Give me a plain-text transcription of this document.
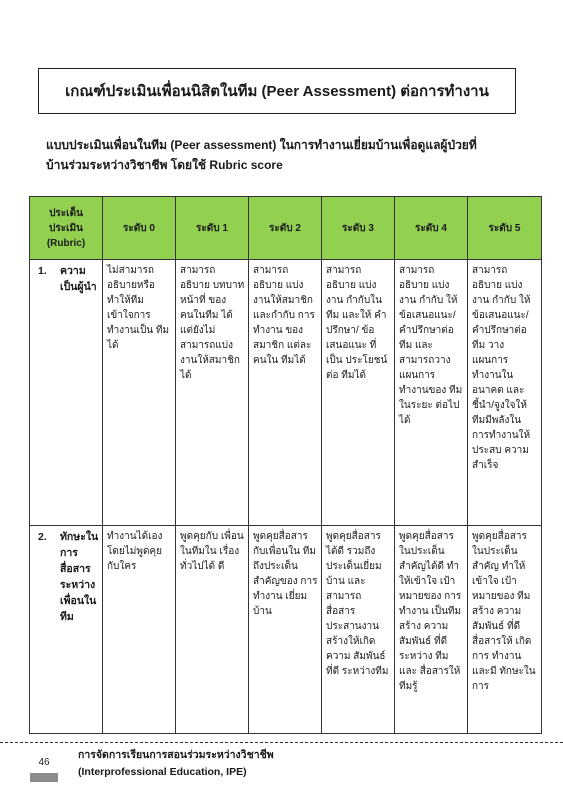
เกณฑ์ประเมินเพื่อนนิสิตในทีม (Peer Assessment) ต่อการทำงาน
แบบประเมินเพื่อนในทีม (Peer assessment) ในการทำงานเยี่ยมบ้านเพื่อดูแลผู้ป่วยที่
บ้านร่วมระหว่างวิชาชีพ โดยใช้ Rubric score
ประเด็น ประเมิน (Rubric)	ระดับ 0	ระดับ 1	ระดับ 2	ระดับ 3	ระดับ 4	ระดับ 5

1. ความ เป็นผู้นำ	ไม่สามารถ อธิบายหรือ ทำให้ทีม เข้าใจการ ทำงานเป็น ทีมได้	สามารถ อธิบาย บทบาทหน้าที่ ของคนในทีม ได้ แต่ยังไม่ สามารถแบ่ง งานให้สมาชิก ได้	สามารถ อธิบาย แบ่ง งานให้สมาชิก และกำกับ การทำงาน ของสมาชิก แต่ละคนใน ทีมได้	สามารถ อธิบาย แบ่ง งาน กำกับใน ทีม และให้ คำปรึกษา/ ข้อเสนอแนะ ที่เป็น ประโยชน์ต่อ ทีมได้	สามารถ อธิบาย แบ่ง งาน กำกับ ให้ ข้อเสนอแนะ/ คำปรึกษาต่อ ทีม และ สามารถวาง แผนการ ทำงานของ ทีมในระยะ ต่อไปได้	สามารถ อธิบาย แบ่ง งาน กำกับ ให้ ข้อเสนอแนะ/ คำปรึกษาต่อ ทีม วาง แผนการ ทำงานใน อนาคต และ ชี้นำ/จูงใจให้ ทีมมีพลังใน การทำงานให้ ประสบ ความสำเร็จ

2. ทักษะใน การ สื่อสาร ระหว่าง เพื่อนใน ทีม	ทำงานได้เอง โดยไม่พูดคุย กับใคร	พูดคุยกับ เพื่อนในทีมใน เรื่องทั่วไปได้ ดี	พูดคุยสื่อสาร กับเพื่อนใน ทีมถึงประเด็น สำคัญของ การทำงาน เยี่ยมบ้าน	พูดคุยสื่อสาร ได้ดี รวมถึง ประเด็นเยี่ยม บ้าน และ สามารถ สื่อสาร ประสานงาน สร้างให้เกิด ความ สัมพันธ์ที่ดี ระหว่างทีม	พูดคุยสื่อสาร ในประเด็น สำคัญได้ดี ทำ ให้เข้าใจ เป้าหมายของ การทำงาน เป็นทีม สร้าง ความสัมพันธ์ ที่ดีระหว่าง ทีม และ สื่อสารให้ทีมรู้	พูดคุยสื่อสาร ในประเด็น สำคัญ ทำให้ เข้าใจ เป้าหมายของ ทีม สร้าง ความสัมพันธ์ ที่ดี สื่อสารให้ เกิดการ ทำงาน และมี ทักษะในการ
46
การจัดการเรียนการสอนร่วมระหว่างวิชาชีพ
(Interprofessional Education, IPE)
